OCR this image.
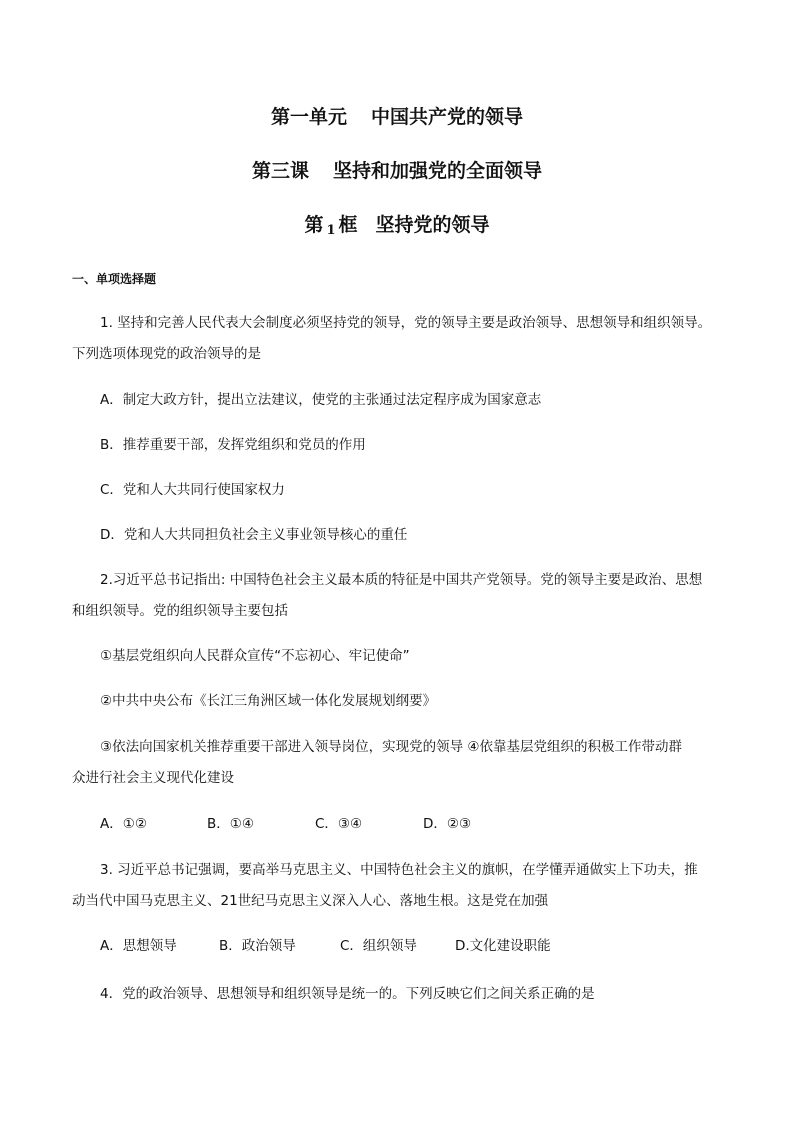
第一单元 中国共产党的领导
第三课 坚持和加强党的全面领导
第 1 框 坚持党的领导
一、单项选择题
1. 坚持和完善人民代表大会制度必须坚持党的领导，党的领导主要是政治领导、思想领导和组织领导。
下列选项体现党的政治领导的是
A．制定大政方针，提出立法建议，使党的主张通过法定程序成为国家意志
B．推荐重要干部，发挥党组织和党员的作用
C．党和人大共同行使国家权力
D．党和人大共同担负社会主义事业领导核心的重任
2.习近平总书记指出: 中国特色社会主义最本质的特征是中国共产党领导。党的领导主要是政治、思想
和组织领导。党的组织领导主要包括
①基层党组织向人民群众宣传“不忘初心、牢记使命”
②中共中央公布《长江三角洲区域一体化发展规划纲要》
③依法向国家机关推荐重要干部进入领导岗位，实现党的领导 ④依靠基层党组织的积极工作带动群
众进行社会主义现代化建设
A．①②	B．①④	C．③④	D．②③
3. 习近平总书记强调，要高举马克思主义、中国特色社会主义的旗帜，在学懂弄通做实上下功夫，推
动当代中国马克思主义、21世纪马克思主义深入人心、落地生根。这是党在加强
A．思想领导	B．政治领导	C．组织领导	D.文化建设职能
4．党的政治领导、思想领导和组织领导是统一的。下列反映它们之间关系正确的是
